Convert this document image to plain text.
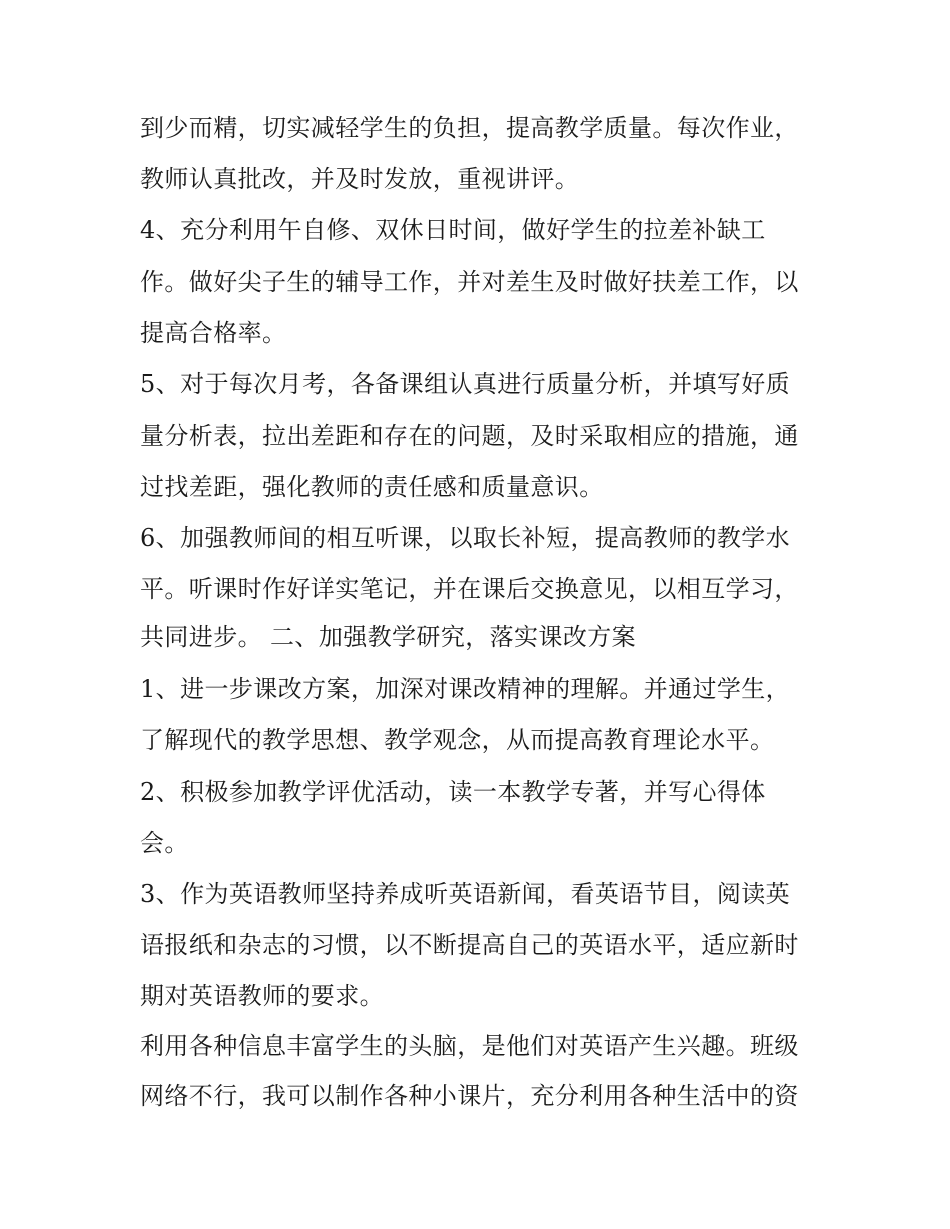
到少而精，切实减轻学生的负担，提高教学质量。每次作业，

教师认真批改，并及时发放，重视讲评。

4、充分利用午自修、双休日时间，做好学生的拉差补缺工

作。做好尖子生的辅导工作，并对差生及时做好扶差工作，以

提高合格率。

5、对于每次月考，各备课组认真进行质量分析，并填写好质

量分析表，拉出差距和存在的问题，及时采取相应的措施，通

过找差距，强化教师的责任感和质量意识。

6、加强教师间的相互听课，以取长补短，提高教师的教学水

平。听课时作好详实笔记，并在课后交换意见，以相互学习，

共同进步。 二、加强教学研究，落实课改方案

1、进一步课改方案，加深对课改精神的理解。并通过学生，

了解现代的教学思想、教学观念，从而提高教育理论水平。

2、积极参加教学评优活动，读一本教学专著，并写心得体

会。

3、作为英语教师坚持养成听英语新闻，看英语节目，阅读英

语报纸和杂志的习惯，以不断提高自己的英语水平，适应新时

期对英语教师的要求。

利用各种信息丰富学生的头脑，是他们对英语产生兴趣。班级

网络不行，我可以制作各种小课片，充分利用各种生活中的资
